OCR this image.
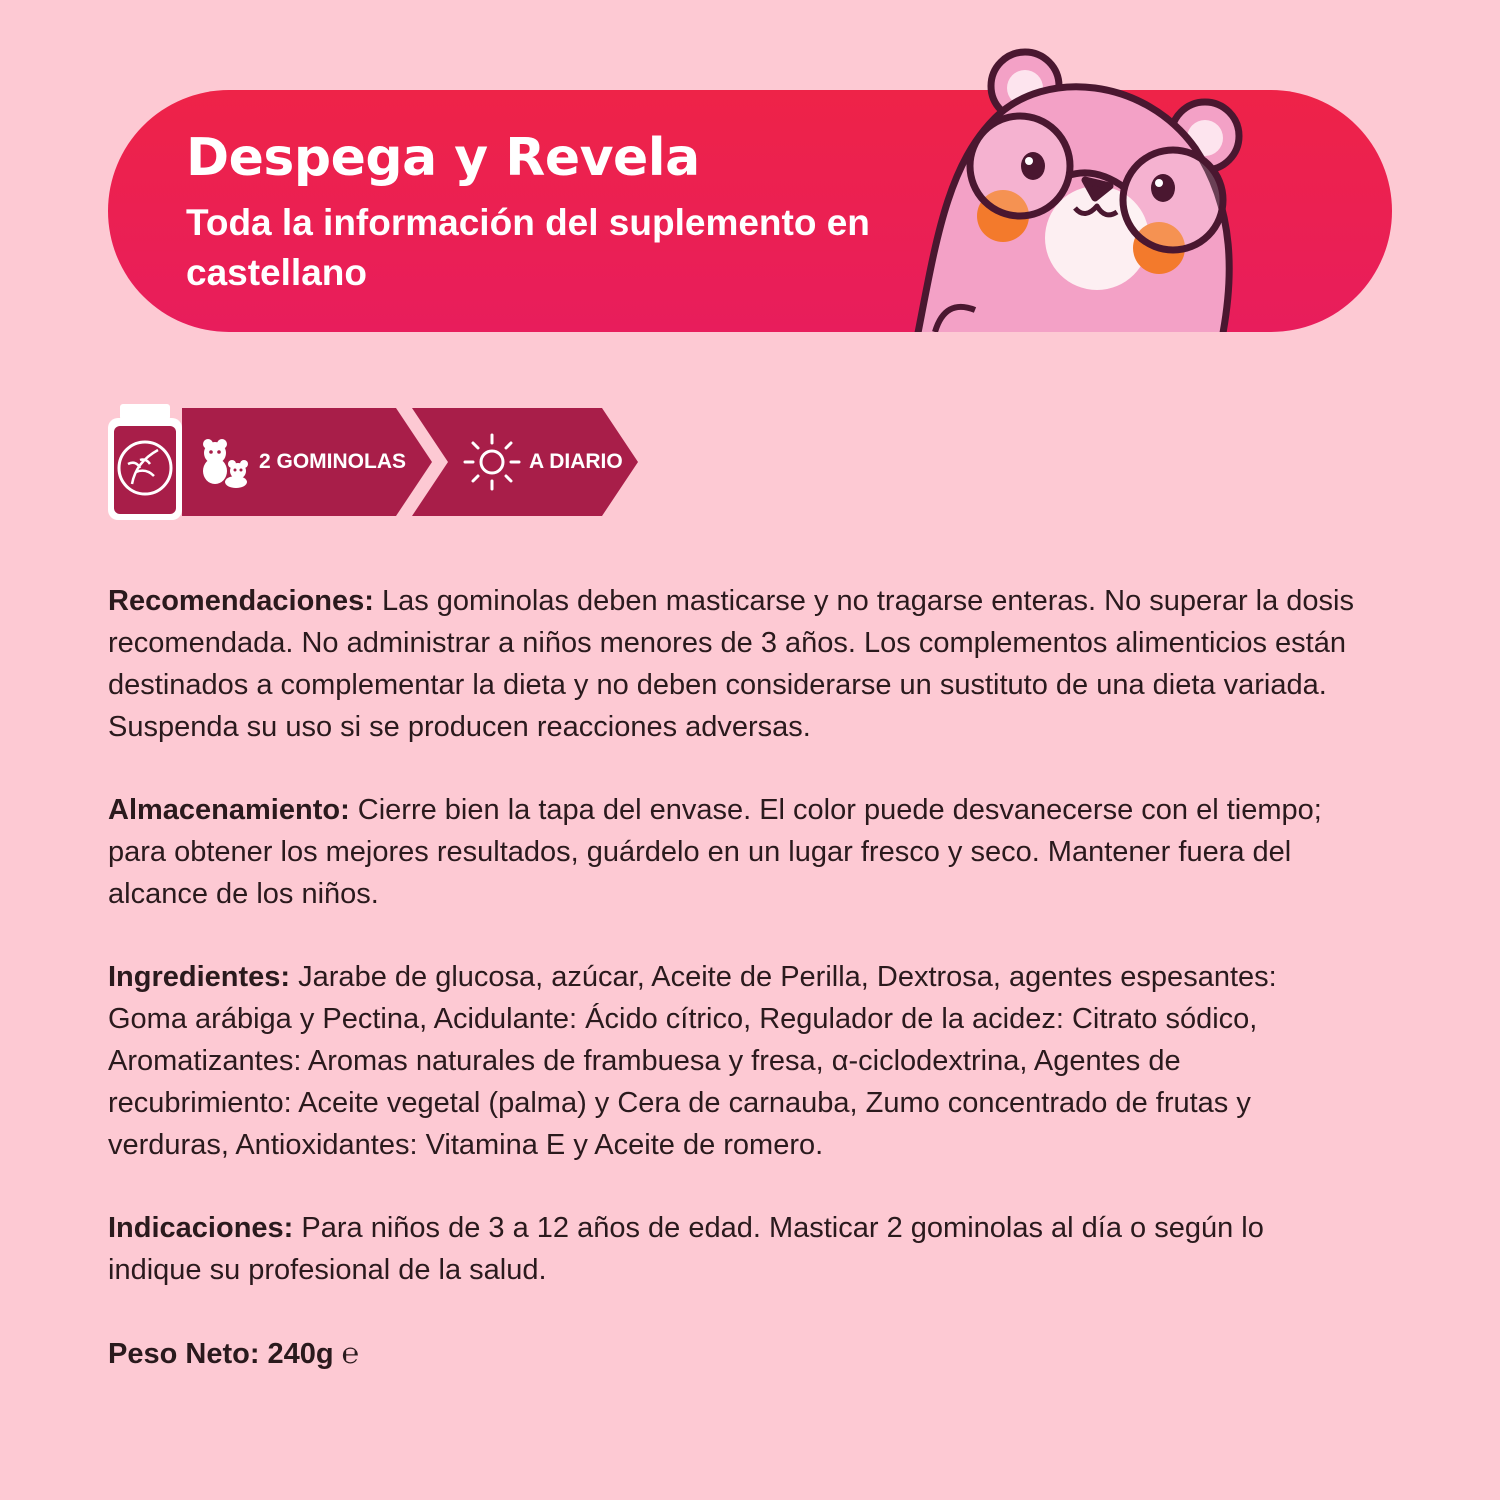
Despega y Revela
Toda la información del suplemento en castellano
2 GOMINOLAS	A DIARIO

Recomendaciones: Las gominolas deben masticarse y no tragarse enteras. No superar la dosis recomendada. No administrar a niños menores de 3 años. Los complementos alimenticios están destinados a complementar la dieta y no deben considerarse un sustituto de una dieta variada. Suspenda su uso si se producen reacciones adversas.

Almacenamiento: Cierre bien la tapa del envase. El color puede desvanecerse con el tiempo; para obtener los mejores resultados, guárdelo en un lugar fresco y seco. Mantener fuera del alcance de los niños.

Ingredientes: Jarabe de glucosa, azúcar, Aceite de Perilla, Dextrosa, agentes espesantes: Goma arábiga y Pectina, Acidulante: Ácido cítrico, Regulador de la acidez: Citrato sódico, Aromatizantes: Aromas naturales de frambuesa y fresa, α-ciclodextrina, Agentes de recubrimiento: Aceite vegetal (palma) y Cera de carnauba, Zumo concentrado de frutas y verduras, Antioxidantes: Vitamina E y Aceite de romero.

Indicaciones: Para niños de 3 a 12 años de edad. Masticar 2 gominolas al día o según lo indique su profesional de la salud.

Peso Neto: 240g ℮
